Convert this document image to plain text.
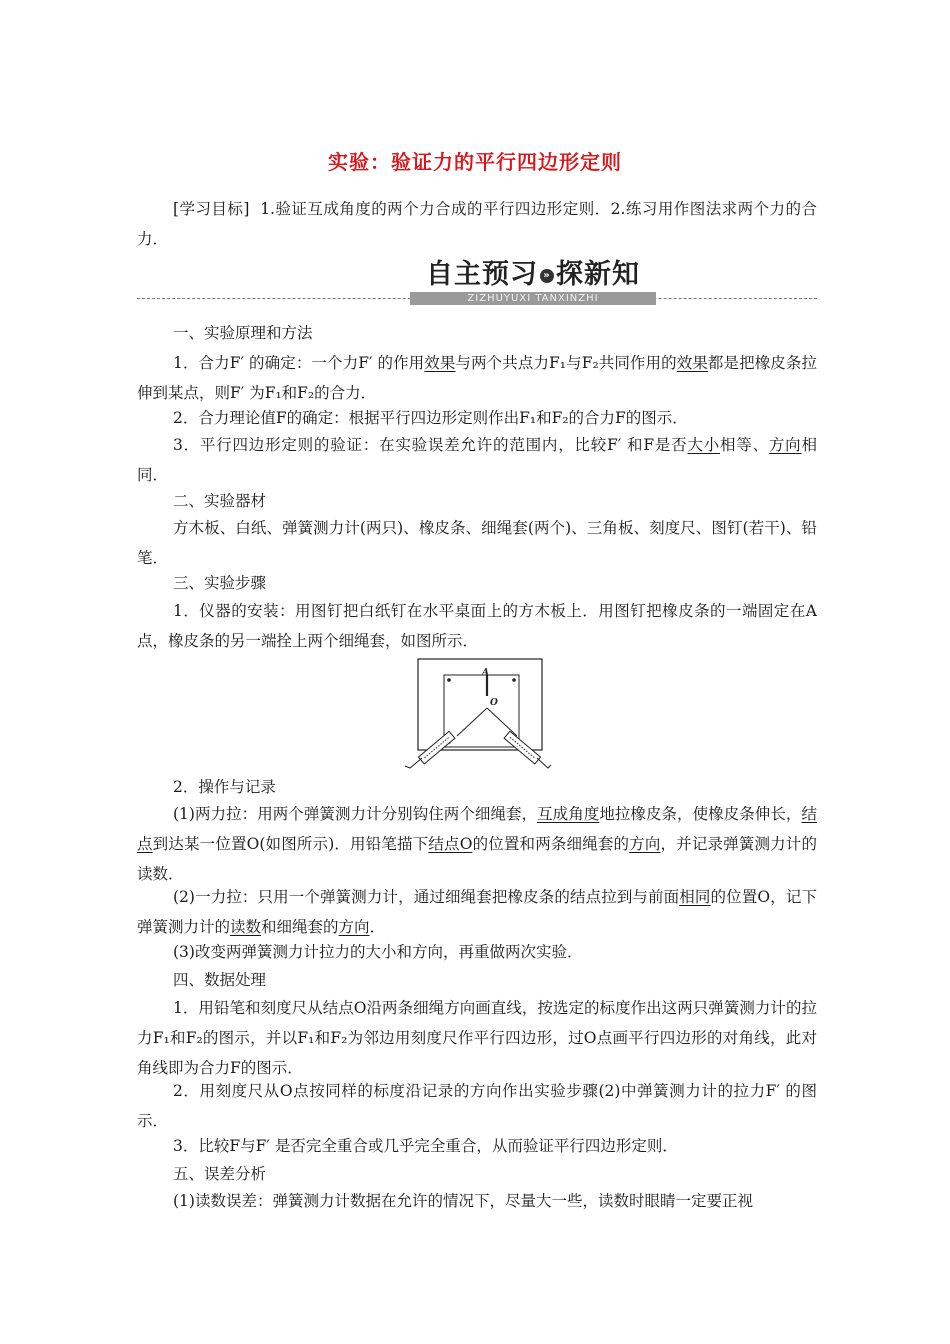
实验：验证力的平行四边形定则

[学习目标] 1.验证互成角度的两个力合成的平行四边形定则．2.练习用作图法求两个力的合力．

自主预习 » 探新知
ZIZHUYUXI TANXINZHI

一、实验原理和方法

1．合力F′ 的确定：一个力F′ 的作用效果与两个共点力F₁与F₂共同作用的效果都是把橡皮条拉伸到某点，则F′ 为F₁和F₂的合力．

2．合力理论值F的确定：根据平行四边形定则作出F₁和F₂的合力F的图示．

3．平行四边形定则的验证：在实验误差允许的范围内，比较F′ 和F是否大小相等、方向相同．

二、实验器材

方木板、白纸、弹簧测力计(两只)、橡皮条、细绳套(两个)、三角板、刻度尺、图钉(若干)、铅笔．

三、实验步骤

1．仪器的安装：用图钉把白纸钉在水平桌面上的方木板上．用图钉把橡皮条的一端固定在A点，橡皮条的另一端拴上两个细绳套，如图所示．

A
O

2．操作与记录

(1)两力拉：用两个弹簧测力计分别钩住两个细绳套，互成角度地拉橡皮条，使橡皮条伸长，结点到达某一位置O(如图所示)．用铅笔描下结点O的位置和两条细绳套的方向，并记录弹簧测力计的读数．

(2)一力拉：只用一个弹簧测力计，通过细绳套把橡皮条的结点拉到与前面相同的位置O，记下弹簧测力计的读数和细绳套的方向．

(3)改变两弹簧测力计拉力的大小和方向，再重做两次实验．

四、数据处理

1．用铅笔和刻度尺从结点O沿两条细绳方向画直线，按选定的标度作出这两只弹簧测力计的拉力F₁和F₂的图示，并以F₁和F₂为邻边用刻度尺作平行四边形，过O点画平行四边形的对角线，此对角线即为合力F的图示．

2．用刻度尺从O点按同样的标度沿记录的方向作出实验步骤(2)中弹簧测力计的拉力F′ 的图示．

3．比较F与F′ 是否完全重合或几乎完全重合，从而验证平行四边形定则．

五、误差分析

(1)读数误差：弹簧测力计数据在允许的情况下，尽量大一些，读数时眼睛一定要正视
